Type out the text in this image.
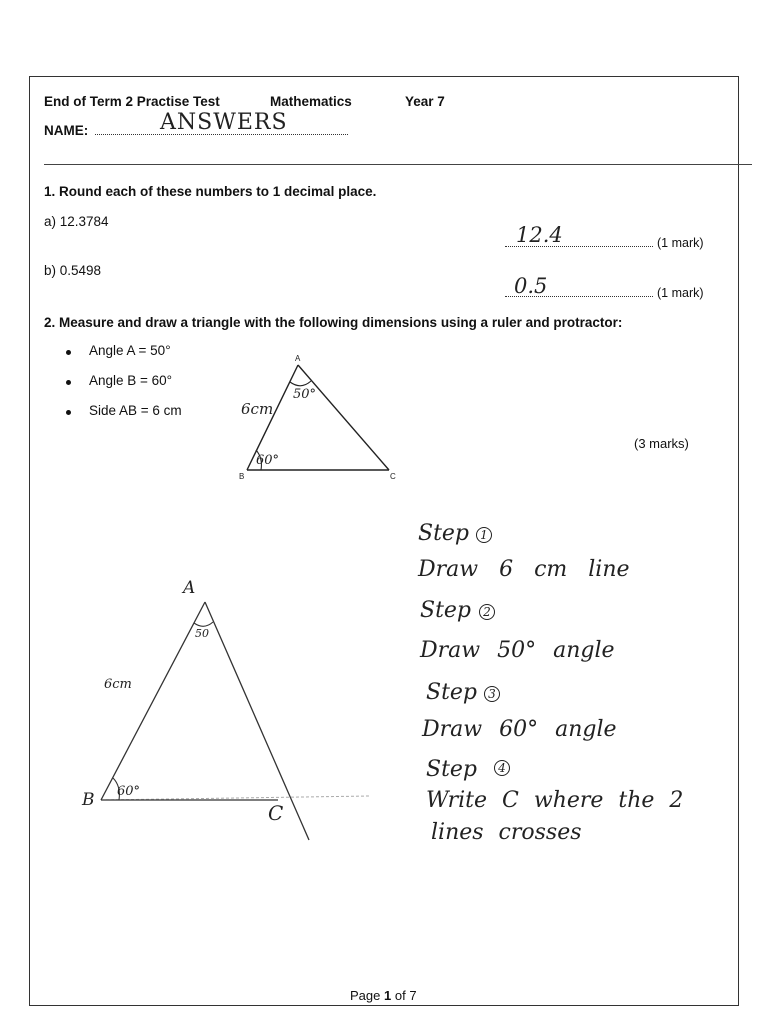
End of Term 2 Practise Test	Mathematics	Year 7
NAME:	ANSWERS
1. Round each of these numbers to 1 decimal place.
a) 12.3784
12.4	(1 mark)
b) 0.5498
0.5	(1 mark)
2. Measure and draw a triangle with the following dimensions using a ruler and protractor:
Angle A = 50°
Angle B = 60°
Side AB = 6 cm
(3 marks)
A
B	C
6cm
50°
60°
A
B
C
6cm
50
60°
Step 1
Draw 6 cm line
Step	2
Draw 50° angle
Step 3
Draw 60° angle
Step	4
Write C where the 2
lines crosses
Page 1 of 7
